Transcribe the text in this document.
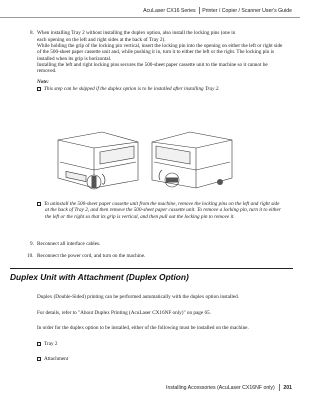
AcuLaser CX16 Series Printer / Copier / Scanner User's Guide
8. When installing Tray 2 without installing the duplex option, also install the locking pins (one in
each opening on the left and right sides at the back of Tray 2).
While holding the grip of the locking pin vertical, insert the locking pin into the opening on either the left or right side of the 500-sheet paper cassette unit and, while pushing it in, turn it to either the left or the right. The locking pin is installed when its grip is horizontal.
Installing the left and right locking pins secures the 500-sheet paper cassette unit to the machine so it cannot be removed.
Note:
This step can be skipped if the duplex option is to be installed after installing Tray 2.
To uninstall the 500-sheet paper cassette unit from the machine, remove the locking pins on the left and right side at the back of Tray 2, and then remove the 500-sheet paper cassette unit. To remove a locking pin, turn it to either the left or the right so that its grip is vertical, and then pull out the locking pin to remove it.
9. Reconnect all interface cables.
10. Reconnect the power cord, and turn on the machine.
Duplex Unit with Attachment (Duplex Option)
Duplex (Double-Sided) printing can be performed automatically with the duplex option installed.
For details, refer to "About Duplex Printing (AcuLaser CX16NF only)" on page 65.
In order for the duplex option to be installed, either of the following must be installed on the machine.
Tray 2
Attachment
Installing Accessories (AcuLaser CX16NF only) 201
